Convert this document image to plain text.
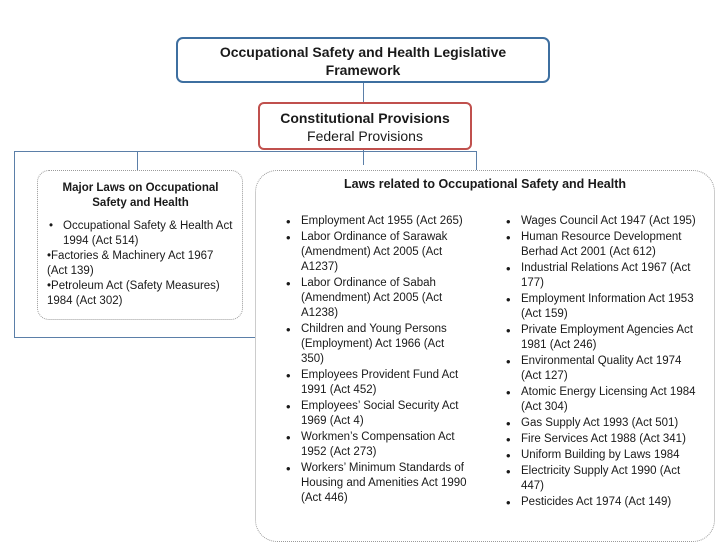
Occupational Safety and Health Legislative
Framework
Constitutional Provisions
Federal Provisions
Major Laws on Occupational
Safety and Health
• Occupational Safety & Health Act 1994 (Act 514)
• Factories & Machinery Act 1967 (Act 139)
• Petroleum Act (Safety Measures) 1984 (Act 302)
Laws related to Occupational Safety and Health
• Employment Act 1955 (Act 265)
• Labor Ordinance of Sarawak (Amendment) Act 2005 (Act A1237)
• Labor Ordinance of Sabah (Amendment) Act 2005 (Act A1238)
• Children and Young Persons (Employment) Act 1966 (Act 350)
• Employees Provident Fund Act 1991 (Act 452)
• Employees’ Social Security Act 1969 (Act 4)
• Workmen’s Compensation Act 1952 (Act 273)
• Workers’ Minimum Standards of Housing and Amenities Act 1990 (Act 446)
• Wages Council Act 1947 (Act 195)
• Human Resource Development Berhad Act 2001 (Act 612)
• Industrial Relations Act 1967 (Act 177)
• Employment Information Act 1953 (Act 159)
• Private Employment Agencies Act 1981 (Act 246)
• Environmental Quality Act 1974 (Act 127)
• Atomic Energy Licensing Act 1984 (Act 304)
• Gas Supply Act 1993 (Act 501)
• Fire Services Act 1988 (Act 341)
• Uniform Building by Laws 1984
• Electricity Supply Act 1990 (Act 447)
• Pesticides Act 1974 (Act 149)
